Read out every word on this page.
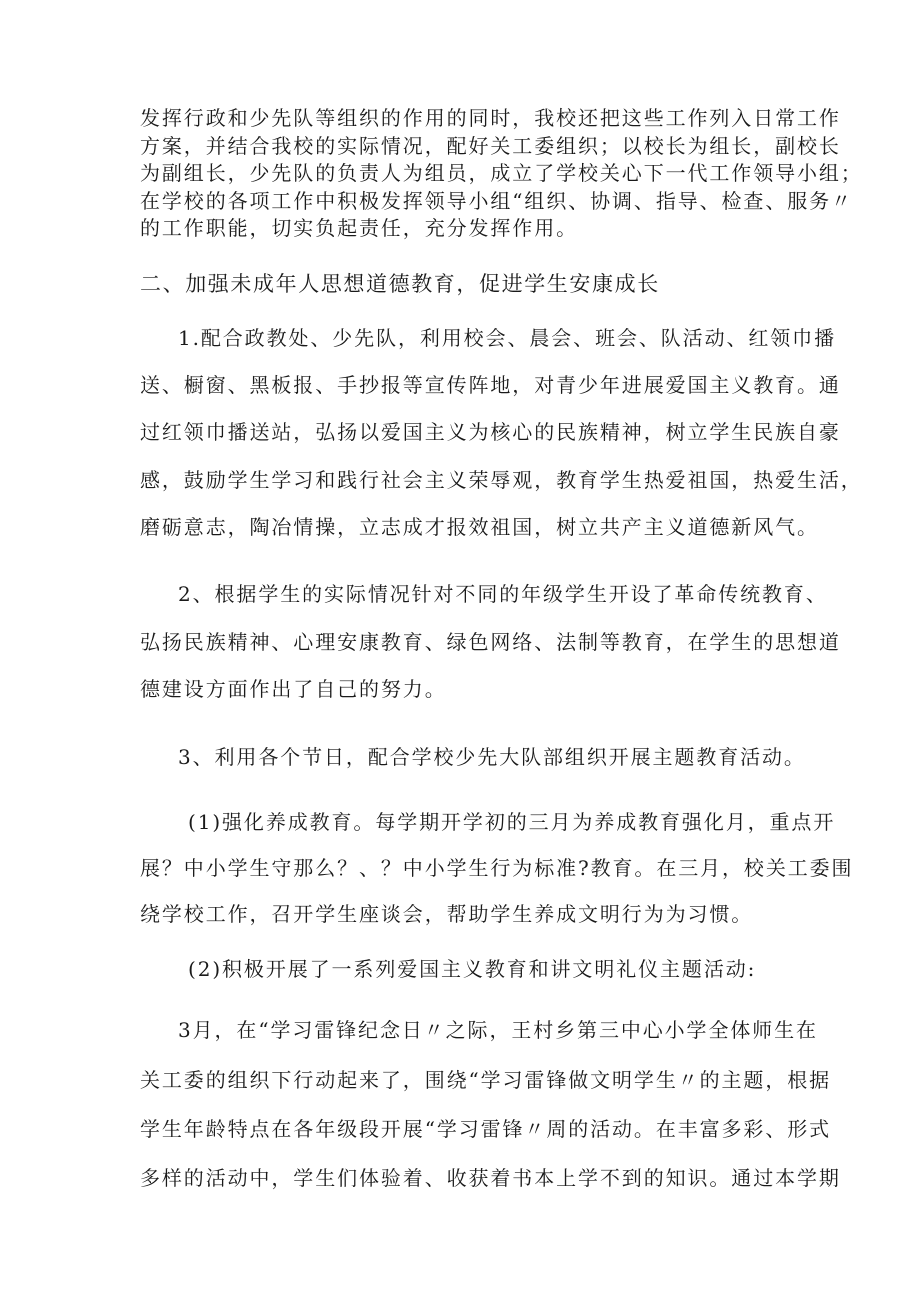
发挥行政和少先队等组织的作用的同时，我校还把这些工作列入日常工作
方案，并结合我校的实际情况，配好关工委组织；以校长为组长，副校长
为副组长，少先队的负责人为组员，成立了学校关心下一代工作领导小组；
在学校的各项工作中积极发挥领导小组“组织、协调、指导、检查、服务〃
的工作职能，切实负起责任，充分发挥作用。
二、加强未成年人思想道德教育，促进学生安康成长
1.配合政教处、少先队，利用校会、晨会、班会、队活动、红领巾播
送、橱窗、黑板报、手抄报等宣传阵地，对青少年进展爱国主义教育。通
过红领巾播送站，弘扬以爱国主义为核心的民族精神，树立学生民族自豪
感，鼓励学生学习和践行社会主义荣辱观，教育学生热爱祖国，热爱生活，
磨砺意志，陶冶情操，立志成才报效祖国，树立共产主义道德新风气。
2、根据学生的实际情况针对不同的年级学生开设了革命传统教育、
弘扬民族精神、心理安康教育、绿色网络、法制等教育，在学生的思想道
德建设方面作出了自己的努力。
3、利用各个节日，配合学校少先大队部组织开展主题教育活动。
(1)强化养成教育。每学期开学初的三月为养成教育强化月，重点开
展？中小学生守那么？、？中小学生行为标准?教育。在三月，校关工委围
绕学校工作，召开学生座谈会，帮助学生养成文明行为为习惯。
(2)积极开展了一系列爱国主义教育和讲文明礼仪主题活动:
3月，在“学习雷锋纪念日〃之际，王村乡第三中心小学全体师生在
关工委的组织下行动起来了，围绕“学习雷锋做文明学生〃的主题，根据
学生年龄特点在各年级段开展“学习雷锋〃周的活动。在丰富多彩、形式
多样的活动中，学生们体验着、收获着书本上学不到的知识。通过本学期
